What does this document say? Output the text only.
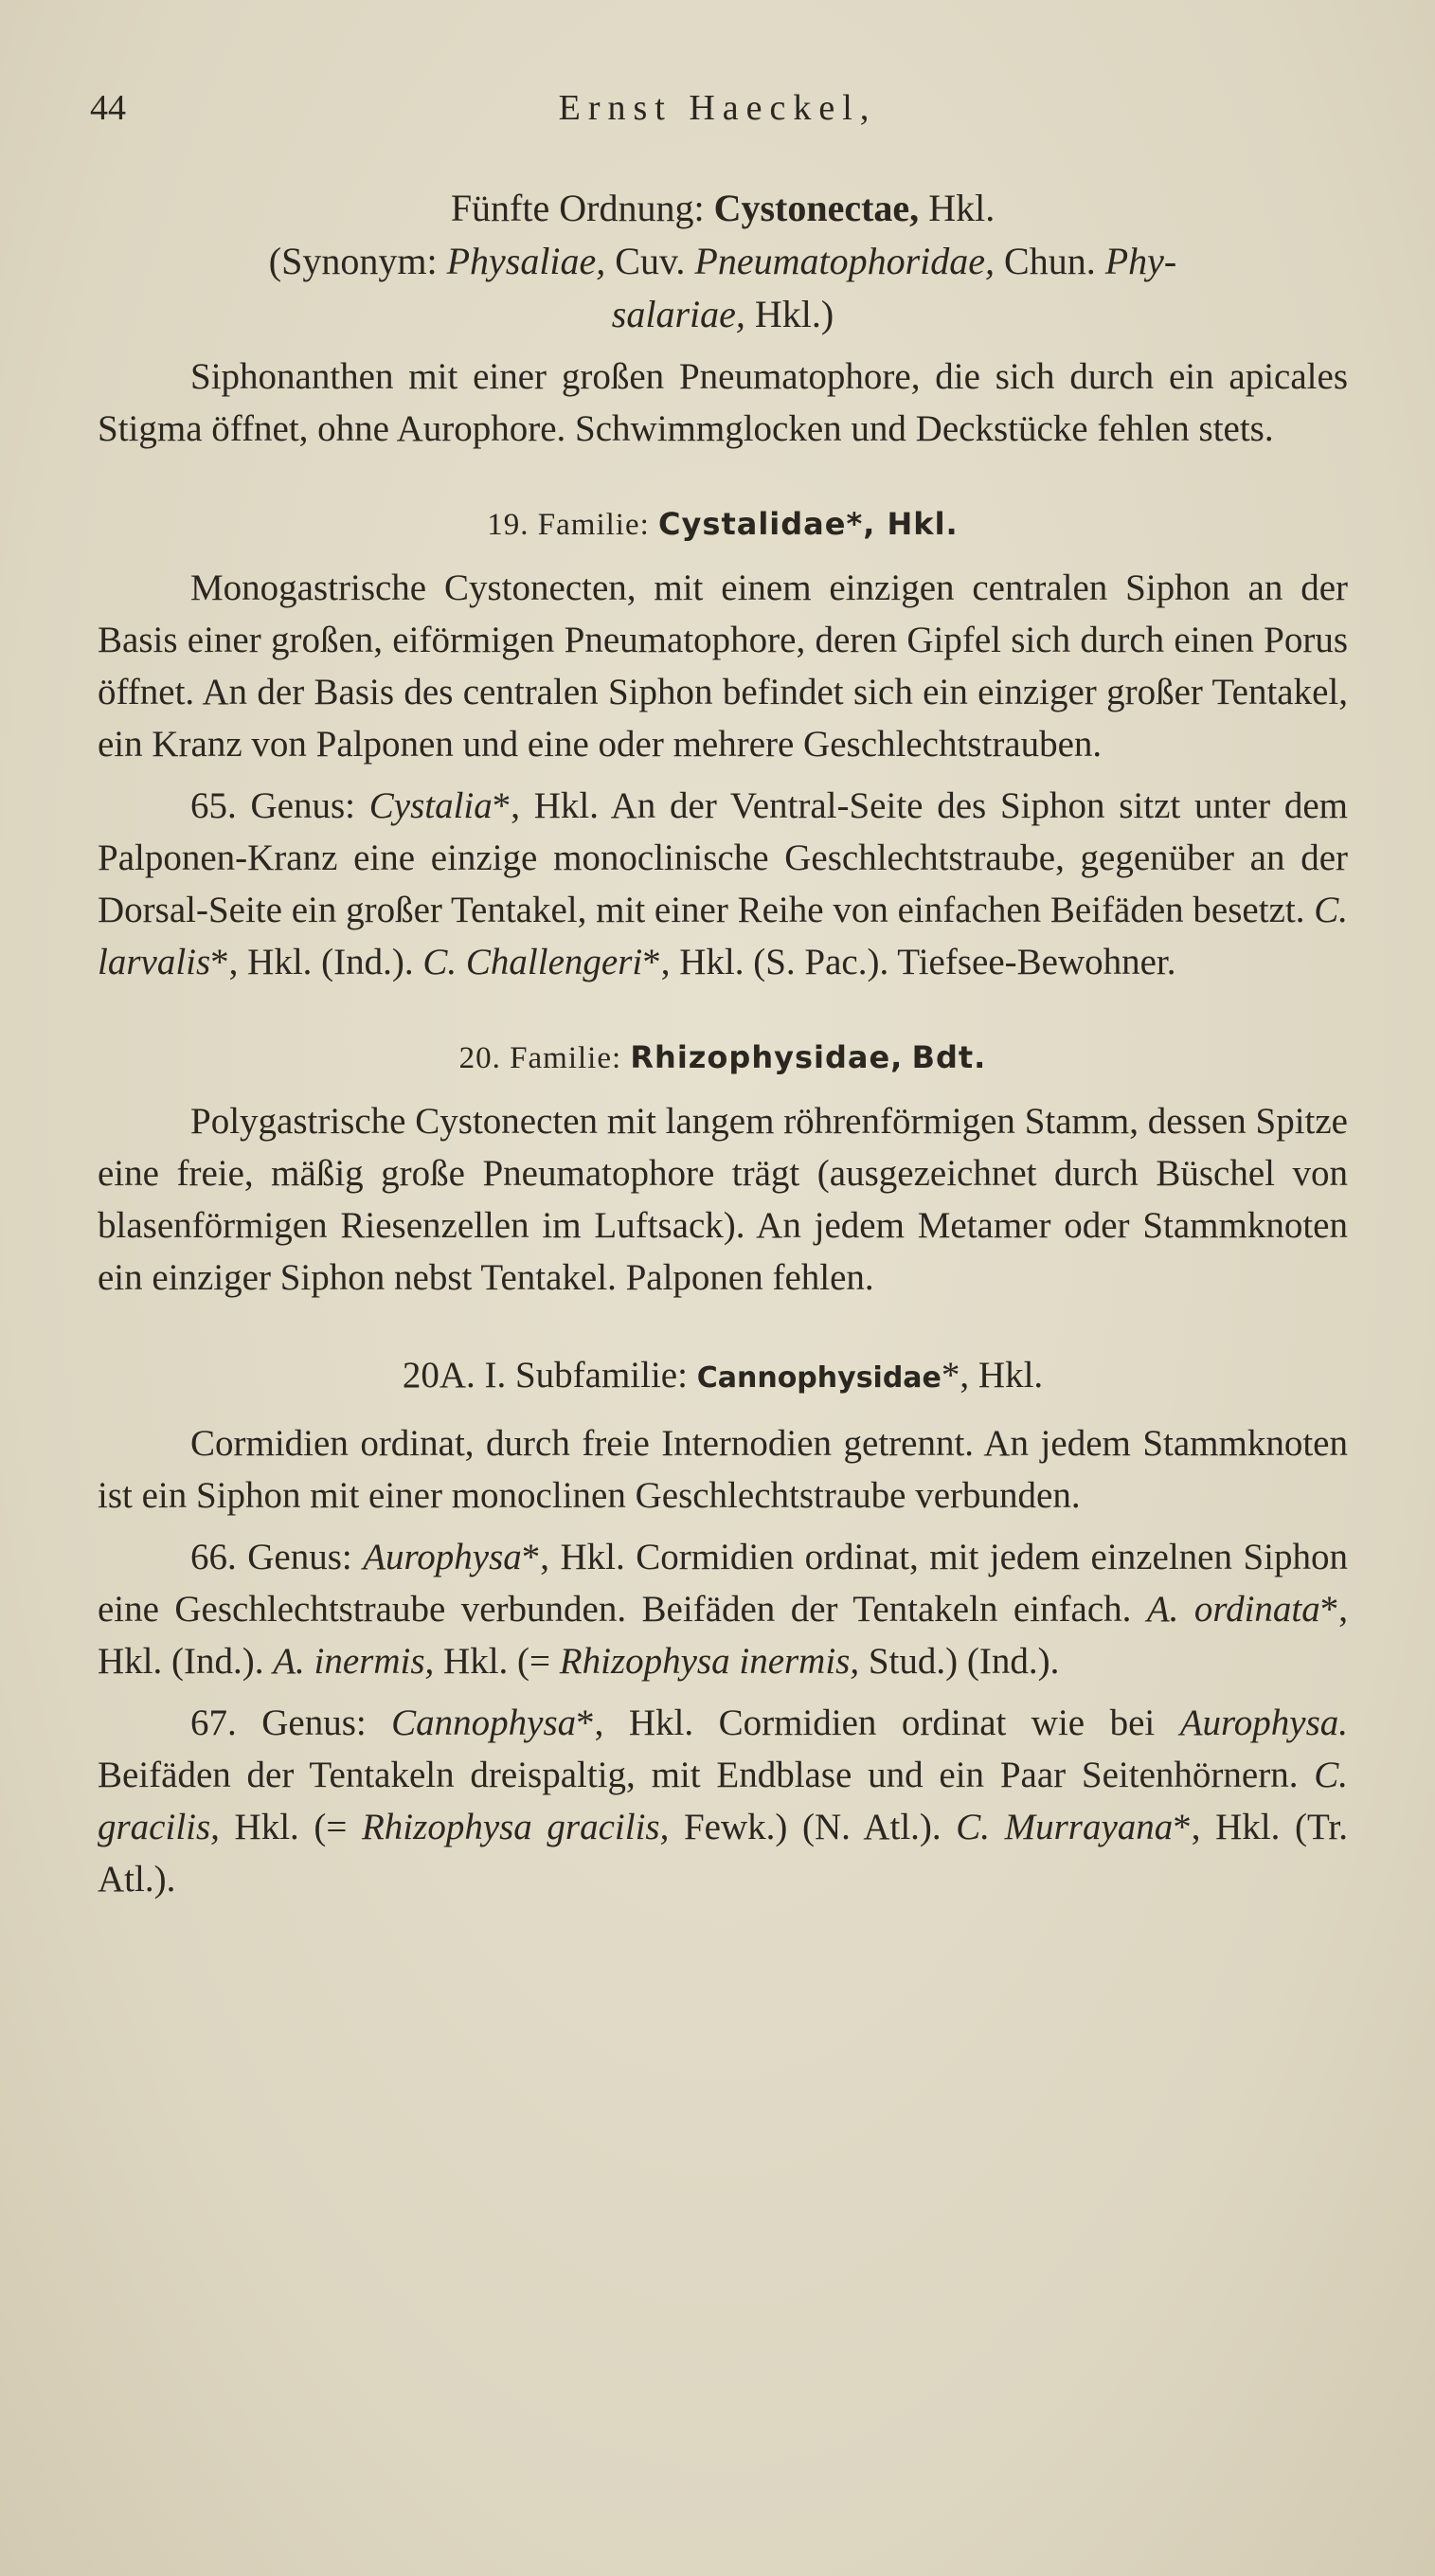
44	Ernst Haeckel,
Fünfte Ordnung: Cystonectae, Hkl.
(Synonym: Physaliae, Cuv. Pneumatophoridae, Chun. Phy-
salariae, Hkl.)

Siphonanthen mit einer großen Pneumatophore, die sich durch ein apicales Stigma öffnet, ohne Aurophore. Schwimmglocken und Deckstücke fehlen stets.

19. Familie: Cystalidae*, Hkl.

Monogastrische Cystonecten, mit einem einzigen centralen Siphon an der Basis einer großen, eiförmigen Pneumatophore, deren Gipfel sich durch einen Porus öffnet. An der Basis des centralen Siphon befindet sich ein einziger großer Tentakel, ein Kranz von Palponen und eine oder mehrere Geschlechtstrauben.

65. Genus: Cystalia*, Hkl. An der Ventral-Seite des Siphon sitzt unter dem Palponen-Kranz eine einzige monoclinische Geschlechtstraube, gegenüber an der Dorsal-Seite ein großer Tentakel, mit einer Reihe von einfachen Beifäden besetzt. C. larvalis*, Hkl. (Ind.). C. Challengeri*, Hkl. (S. Pac.). Tiefsee-Bewohner.

20. Familie: Rhizophysidae, Bdt.

Polygastrische Cystonecten mit langem röhrenförmigen Stamm, dessen Spitze eine freie, mäßig große Pneumatophore trägt (ausgezeichnet durch Büschel von blasenförmigen Riesenzellen im Luftsack). An jedem Metamer oder Stammknoten ein einziger Siphon nebst Tentakel. Palponen fehlen.

20A. I. Subfamilie: Cannophysidae*, Hkl.

Cormidien ordinat, durch freie Internodien getrennt. An jedem Stammknoten ist ein Siphon mit einer monoclinen Geschlechtstraube verbunden.

66. Genus: Aurophysa*, Hkl. Cormidien ordinat, mit jedem einzelnen Siphon eine Geschlechtstraube verbunden. Beifäden der Tentakeln einfach. A. ordinata*, Hkl. (Ind.). A. inermis, Hkl. (= Rhizophysa inermis, Stud.) (Ind.).

67. Genus: Cannophysa*, Hkl. Cormidien ordinat wie bei Aurophysa. Beifäden der Tentakeln dreispaltig, mit Endblase und ein Paar Seitenhörnern. C. gracilis, Hkl. (= Rhizophysa gracilis, Fewk.) (N. Atl.). C. Murrayana*, Hkl. (Tr. Atl.).
